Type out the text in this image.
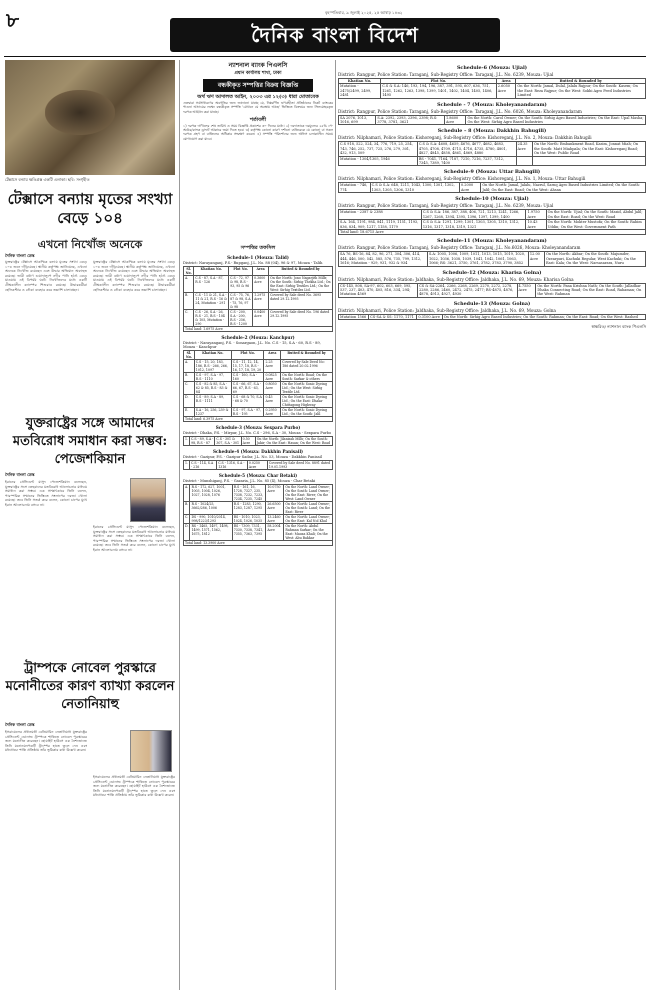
৮	বৃহস্পতিবার, ৯ জুলাই ২০২৫, ২৫ আষাঢ় ১৪৩২
দৈনিক বাংলা বিদেশ
টেক্সাসে বন্যায় ক্ষতিগ্রস্ত একটি এলাকা। ছবি: সংগৃহীত
টেক্সাসে বন্যায় মৃতের সংখ্যা বেড়ে ১০৪
এখনো নিখোঁজ অনেকে
দৈনিক বাংলা ডেস্ক

যুক্তরাষ্ট্রের টেক্সাসে আকস্মিক বন্যায় মৃতের সংখ্যা বেড়ে ১০৪ জনে দাঁড়িয়েছে। স্থানীয় কর্তৃপক্ষ জানিয়েছে, এখনো অনেকে নিখোঁজ রয়েছেন এবং উদ্ধার অভিযান অব্যাহত রয়েছে। ভারী বর্ষণে গুয়াদালুপে নদীর পানি হঠাৎ বেড়ে যাওয়ায় এই বিপর্যয় ঘটে। নিখোঁজদের মধ্যে একটি গ্রীষ্মকালীন ক্যাম্পের শিশুরাও রয়েছে। উদ্ধারকর্মীরা হেলিকপ্টার ও নৌকা ব্যবহার করে তল্লাশি চালাচ্ছেন।

যুক্তরাষ্ট্রের টেক্সাসে আকস্মিক বন্যায় মৃতের সংখ্যা বেড়ে ১০৪ জনে দাঁড়িয়েছে। স্থানীয় কর্তৃপক্ষ জানিয়েছে, এখনো অনেকে নিখোঁজ রয়েছেন এবং উদ্ধার অভিযান অব্যাহত রয়েছে। ভারী বর্ষণে গুয়াদালুপে নদীর পানি হঠাৎ বেড়ে যাওয়ায় এই বিপর্যয় ঘটে। নিখোঁজদের মধ্যে একটি গ্রীষ্মকালীন ক্যাম্পের শিশুরাও রয়েছে। উদ্ধারকর্মীরা হেলিকপ্টার ও নৌকা ব্যবহার করে তল্লাশি চালাচ্ছেন।

যুক্তরাষ্ট্রের সঙ্গে আমাদের মতবিরোধ সমাধান করা সম্ভব: পেজেশকিয়ান
দৈনিক বাংলা ডেস্ক

ইরানের প্রেসিডেন্ট মাসুদ পেজেশকিয়ান বলেছেন, যুক্তরাষ্ট্রের সঙ্গে তেহরানের মতবিরোধ আলোচনার মাধ্যমে সমাধান করা সম্ভব। এক সাক্ষাৎকারে তিনি বলেন, পারস্পরিক সম্মানের ভিত্তিতে সংলাপের দরজা খোলা রয়েছে। তবে তিনি সতর্ক করে বলেন, কোনো চাপের মুখে ইরান আলোচনায় বসবে না।

ইরানের প্রেসিডেন্ট মাসুদ পেজেশকিয়ান বলেছেন, যুক্তরাষ্ট্রের সঙ্গে তেহরানের মতবিরোধ আলোচনার মাধ্যমে সমাধান করা সম্ভব। এক সাক্ষাৎকারে তিনি বলেন, পারস্পরিক সম্মানের ভিত্তিতে সংলাপের দরজা খোলা রয়েছে। তবে তিনি সতর্ক করে বলেন, কোনো চাপের মুখে ইরান আলোচনায় বসবে না।

ট্রাম্পকে নোবেল পুরস্কারে মনোনীতের কারণ ব্যাখ্যা করলেন নেতানিয়াহু
দৈনিক বাংলা ডেস্ক

ইসরায়েলের প্রধানমন্ত্রী বেনিয়ামিন নেতানিয়াহু যুক্তরাষ্ট্রের প্রেসিডেন্ট ডোনাল্ড ট্রাম্পকে শান্তিতে নোবেল পুরস্কারের জন্য মনোনীত করেছেন। হোয়াইট হাউসে এক নৈশভোজে তিনি মনোনয়নপত্রটি ট্রাম্পের হাতে তুলে দেন এবং মধ্যপ্রাচ্যে শান্তি প্রতিষ্ঠায় তাঁর ভূমিকার কথা উল্লেখ করেন।

ইসরায়েলের প্রধানমন্ত্রী বেনিয়ামিন নেতানিয়াহু যুক্তরাষ্ট্রের প্রেসিডেন্ট ডোনাল্ড ট্রাম্পকে শান্তিতে নোবেল পুরস্কারের জন্য মনোনীত করেছেন। হোয়াইট হাউসে এক নৈশভোজে তিনি মনোনয়নপত্রটি ট্রাম্পের হাতে তুলে দেন এবং মধ্যপ্রাচ্যে শান্তি প্রতিষ্ঠায় তাঁর ভূমিকার কথা উল্লেখ করেন।

ন্যাশনাল ব্যাংক পিএলসি
প্রধান কার্যালয় শাখা, ঢাকা
বন্ধকীকৃত সম্পত্তির বিক্রয় বিজ্ঞপ্তি
অর্থ ঋণ আদালত আইন, ২০০৩ এর ১২(৩) ধারা মোতাবেক
এতদ্বারা সর্বসাধারণের অবগতির জন্য জানানো যাচ্ছে যে, নিম্নবর্ণিত ঋণগ্রহীতা প্রতিষ্ঠানের নিকট ব্যাংকের পাওনা আদায়ের লক্ষ্যে বন্ধকীকৃত সম্পত্তি 'যেখানে যে অবস্থায় আছে' ভিত্তিতে বিক্রয়ের জন্য সিলমোহরকৃত দরপত্র আহ্বান করা যাচ্ছে।
শর্তাবলী
১) দরপত্র দাখিলের শেষ তারিখ ও সময় বিজ্ঞপ্তি প্রকাশের ৩০ দিনের মধ্যে। ২) দরদাতাকে দরমূল্যের ২৫% পে-অর্ডার/ব্যাংক ড্রাফট আকারে জমা দিতে হবে। ৩) কর্তৃপক্ষ কোনো কারণ দর্শানো ব্যতিরেকে যে কোনো বা সকল দরপত্র গ্রহণ বা বাতিলের অধিকার সংরক্ষণ করেন। ৪) সম্পত্তি পরিদর্শনের জন্য অফিস চলাকালীন সময়ে যোগাযোগ করা যাবে।
সম্পত্তির তফসিল
Schedule-1 (Mouza: Talid)
District: Narayanganj, P.S.- Rupganj, J.L. No. 88 (04), 96 & 97, Mouza - Talib.
Sl. No.	Khatian No.	Plot No.	Area	Butted & Bounded by
A.	C.S - 87, S.A - 87, R.S - 126	C.S - 72, 97 & 98, R.S - 93, 95 & 96	0.3600 Acre	On the North: Jono Nagarjith Mills; On the South: Sirhig Thekha Ltd.; On the East: Sirhig Textiles Ltd.; On the West: Sirhig Textiles Ltd.
B.	C.S - 11 & 21, S.A - 11 & 21, R.S - 16 & 24, Mutation - 291	C.S - 75, 76, 87 & 98, S.A - 75, 76, 97 & 98	1.2975 Acre	Covered by Sale deed No. 3695 dated 29.12.1995
C.	C.S - 26, S.A - 26, R.S - 21, B.S - 104 & 105, Mutation - 290	C.S - 200, S.A - 200, R.S - 256, B.S - 1200	0.0400 Acre	Covered by Sale deed No. 196 dated 29.12.1995
Total land: 1.6975 Acre				
Schedule-2 (Mouza: Kanchpur)
District - Narayanganj, P.S. - Sonargaon, J.L. No. C.S - 15, S.A - 60, R.S - 89, Mouza - Kanchpur
Sl. No.	Khatian No.	Plot No.	Area	Butted & Bounded by
A.	C.S - 15, 20, 183, 186, R.S - 266, 266, 1012, 1097	C.S - 11, 12, 14, 15, 17, 18, R.S - 16, 17, 18, 19, 20	2.25 Acre	Covered by Sale Deed No: 186 dated 20.02.1996
B.	C.S - 97, S.A - 97, R.S - 1110	C.S - 160, S.A - 160	0.0825 Acre	On the North: Road; On the South: Sarkar & others
C.	C.S - 82 & 85, S.A - 62 & 85, R.S - 83 & 84	C.S - 66, 67, S.A - 66, 67, R.S - 63, 69	0.8050 Acre	On the North: Sonic Dyeing Ltd.; On the West: Sirhig Textile Ltd.
D.	C.S - 89, S.A - 89, R.S - 1111	C.S - 68 & 70, S.A - 68 & 70	0.45 Acre	On the North: Sonic Dyeing Ltd.; On the East: Dhaka-Chittagong Highway
E.	S.A - 16, 256, 239 & 1237	C.S - 97, S.A - 97, R.S - 195	0.2950 Acre	On the North: Sonic Dyeing Ltd.; On the South: Jalil
Total land: 6.3975 Acre				
Schedule-3 (Mouza: Sexpara Purbo)
District - Dhaka, P.S. - Mirpur, J.L. No. C.S - 296, S.A - 30, Mouza - Sexpara Purbo
1.	C.S - 89, S.A - 98, R.S - 87	C.S - 301 & 307, S.A - 301	0.50 Acre	On the North: Jilanisah Mills; On the South: Jakir; On the East: Hasan; On the West: Road
Schedule-4 (Mouza: Dakkhin Panisail)
District - Gazipur, P.S. - Gazipur Sadar, J.L. No. 53, Mouza - Dakkhin Panisail
1.	C.S - 114, S.A - 216	C.S - 1316, S.A - 1316	0.0250 Acre	Covered by Sale deed No. 8891 dated 19.01.1993
Schedule-5 (Mouza: Char Betaki)
District - Munshiganj, P.S. - Gazaria, J.L. No. 85 (4), Mouza - Char Betaki
A.	R.S - 172, 627, 1001, 1003, 1004, 1026, 1027, 1028, 1076	R.S - 161, 16, 1728, 7327, 235, 7338, 7232, 7233, 7234, 7235, 7245	10.0750 Acre	On the North: Land Owner; On the South: Land Owner; On the East: River; On the West: Land Owner
B.	R.S - 1024/25, 3662/286, 1006	R.S - 1283, 1290, 1283, 1287, 1295	26.6500 Acre	On the North: Land Owner; On the South: Land; On the East: River
C.	DS - 990, 1010/2014, 998/1223/1293	RS - 1010, 1023, 1024, 1026, 1035	13.2460 Acre	On the North: Land Owner; On the East: Kal Nol Khal
D.	RS - 1465, 1497, 1498, 1499, 1571, 1562, 1675, 1812	RS - 7309, 7331, 7330, 7338, 7341, 7355, 7363, 7395	58.2004 Acre	On the North: Abdul Rahman Sarkar; On the East: Mauza Khali; On the West: Abu Bakkar
Total land: 13.3900 Acre				
Schedule-6 (Mouza: Ujial)
District: Rangpur, Police Station: Taraganj, Sub-Registry Office: Taraganj, J.L. No. 6239, Mouza: Ujial
Khatian No.	Plot No.	Area	Butted & Bounded by
Mutation - 2475/2499, 2499, 2481	C.S & S.A: 146, 193, 194, 196, 387, 391, 595, 607, 636, 751, 1261, 1262, 1263, 1398, 1399, 1401, 1402, 1404, 1405, 1406, 1495	2.6050 Acre	On the North: Jamal, Dulal, Jalalu Rajpur; On the South: Kasem; On the East: Reza Rajpur; On the West: Sokhi Agro Feed Industries Limited
Schedule - 7 (Mouza: Kholeyanandaram)
District: Rangpur, Police Station: Taraganj, Sub-Registry Office: Taraganj, J.L. No. 6026, Mouza: Kholeyanandaram
SA 2076, 1013, 1016, 699	S.A: 2392, 2393, 2396, 2398; R.S: 3778, 3781, 3621	1.8600 Acre	On the North: Carol Owner; On the South: Sirhig Agro Based Industries; On the East: Upal Masha; On the West: Sirhig Agro Based Industries
Schedule – 8 (Mouza: Dakkhin Bahugili)
District: Nilphamari, Police Station: Kishoreganj, Sub-Registry Office: Kishoreganj, J.L. No. 2, Mouza: Dakkhin Bahugili
C.S 918, 522, 524, 34, 776, 719, 25, 254, 743, 746, 252, 737, 725, 276, 279, 301, 432, 913, 509	C.S & S.A: 4608, 4659, 4676, 4677, 4682, 4683, 4705, 4708, 4709, 4715, 4716, 4735, 4780, 4801, 4827, 4845, 4858, 4861, 4869, 4880	24.35 Acre	On the North: Embankment Road, Kasim, Jonnat Miah; On the South: Matt Miahpala; On the East: Kishoreganj Road; On the West: Public Road
Mutation - 1304/1305, 1946	BS - 7041, 7164, 7187, 7210, 7216, 7237, 7312, 7345, 7389, 7400		
Schedule-9 (Mouza: Uttar Bahugili)
District: Nilphamari, Police Station: Kishoreganj, Sub-Registry Office: Kishoreganj, J.L. No. 1, Mouza: Uttar Bahugili
Mutation - 746, 774	C.S & S.A: 648, 1211, 1043, 1300, 1301, 1302, 1303, 1305, 1306, 1310	0.2000 Acre	On the North: Jamal, Jalalu, Nazrul, Sarnq Agro Based Industries Limited; On the South: Jalil; On the East: Road; On the West: Ahsan
Schedule-10 (Mouza: Ujial)
District: Rangpur, Police Station: Taraganj, Sub-Registry Office: Taraganj, J.L. No. 6239, Mouza: Ujial
Mutation - 2387 & 2388	C.S & S.A: 186, 387, 388, 406, 721, 1213, 1241, 1266, 1267, 1268, 1394, 1395, 1396, 1397, 1399, 1400	1.9750 Acre	On the North: Ujial; On the South: Mazid, Abdul Jalil; On the East: Road; On the West: Road
S.A. 164, 1191, 984, 841, 1119, 1151, 1193, 836, 834, 909, 1217, 1158, 1179	C.S & S.A: 1291, 1299, 1301, 1303, 1305, 1310, 1312, 1316, 1317, 1318, 1319, 1321	10.43 Acre	On the North: Mokter Mustofa; On the South: Rahim Uddin; On the West: Government Path
Total land: 18.6715 Acre			
Schedule-11 (Mouza: Kholeyanandaram)
District: Rangpur, Police Station: Taraganj, Sub-Registry Office: Taraganj, J.L. No.6026, Mouza: Kholeyanandaram
SA 76, BS-16, 84, 82, 96, 271, 304, 306, 414, 444, 446, 500, 542, 585, 576, 735, 799, 1312, 1616; Mutation - 929, 931, 932 & 934	S.A: 1005, 1006, 1009, 1011, 1013, 1015, 1019, 1020, 1022, 1036, 1038, 1039, 1041, 1042, 1061, 1063, 1066; RS: 3621, 3750, 3761, 3782, 3783, 3790, 3852	12.00 Acre	On the North: Akbar; On the South: Majumder, Ozearpuri, Kachuki Regular, West Kachuki; On the East: Kala; On the West: Narsasarara, Nuru
Schedule-12 (Mouza: Kharisa Golna)
District: Nilphamari, Police Station: Jaldhaka, Sub-Registry Office: Jaldhaka, J.L. No. 69, Mouza: Kharisa Golna
CS-145, 808, SA-97, 602, 603, 669, 595, 537, 237, 403, 470, 405, 816, 334, 294; Mutation 4569	CS & SA-2264, 2266, 2268, 2269, 2270, 2272, 2278, 2280, 2286, 2460, 2472, 2475, 2477; RS-4875, 4876, 4878, 4913, 4927, 4930	4.7550 Acre	On the North: Pana Krishna Nath; On the South: Jalladhar Dhaka Connecting Road; On the East: Road, Rahaman; On the West: Rahman
Schedule-13 (Mouza: Golna)
District: Nilphamari, Police Station: Jaldhaka, Sub-Registry Office: Jaldhaka, J.L. No. 69, Mouza: Golna
Mutation 1566	CS-SA & SS: 1170, 1171	0.3100 Acre	On the North: Sirhig Agro Based Industries; On the South: Rahman; On the East: Road; On the West: Rashed
স্বাক্ষরিত/ ন্যাশনাল ব্যাংক পিএলসি
